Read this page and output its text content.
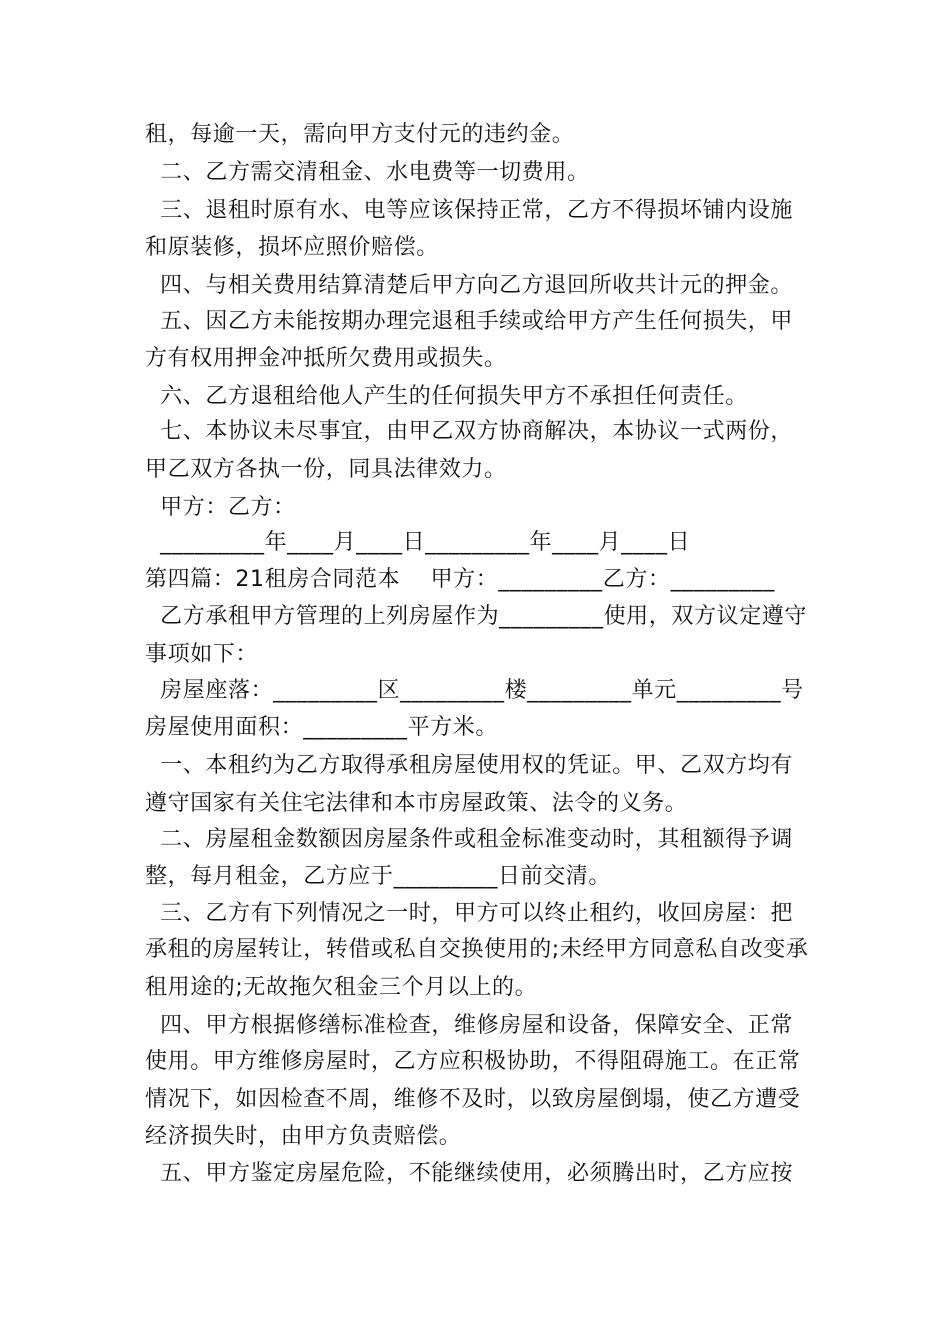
租，每逾一天，需向甲方支付元的违约金。
二、乙方需交清租金、水电费等一切费用。
三、退租时原有水、电等应该保持正常，乙方不得损坏铺内设施
和原装修，损坏应照价赔偿。
四、与相关费用结算清楚后甲方向乙方退回所收共计元的押金。
五、因乙方未能按期办理完退租手续或给甲方产生任何损失，甲
方有权用押金冲抵所欠费用或损失。
六、乙方退租给他人产生的任何损失甲方不承担任何责任。
七、本协议未尽事宜，由甲乙双方协商解决，本协议一式两份，
甲乙双方各执一份，同具法律效力。
甲方：乙方：
_________年____月____日_________年____月____日
第四篇：21租房合同范本    甲方：_________乙方：_________
乙方承租甲方管理的上列房屋作为_________使用，双方议定遵守
事项如下：
房屋座落：_________区_________楼_________单元_________号
房屋使用面积：_________平方米。
一、本租约为乙方取得承租房屋使用权的凭证。甲、乙双方均有
遵守国家有关住宅法律和本市房屋政策、法令的义务。
二、房屋租金数额因房屋条件或租金标准变动时，其租额得予调
整，每月租金，乙方应于_________日前交清。
三、乙方有下列情况之一时，甲方可以终止租约，收回房屋：把
承租的房屋转让，转借或私自交换使用的;未经甲方同意私自改变承
租用途的;无故拖欠租金三个月以上的。
四、甲方根据修缮标准检查，维修房屋和设备，保障安全、正常
使用。甲方维修房屋时，乙方应积极协助，不得阻碍施工。在正常
情况下，如因检查不周，维修不及时，以致房屋倒塌，使乙方遭受
经济损失时，由甲方负责赔偿。
五、甲方鉴定房屋危险，不能继续使用，必须腾出时，乙方应按
